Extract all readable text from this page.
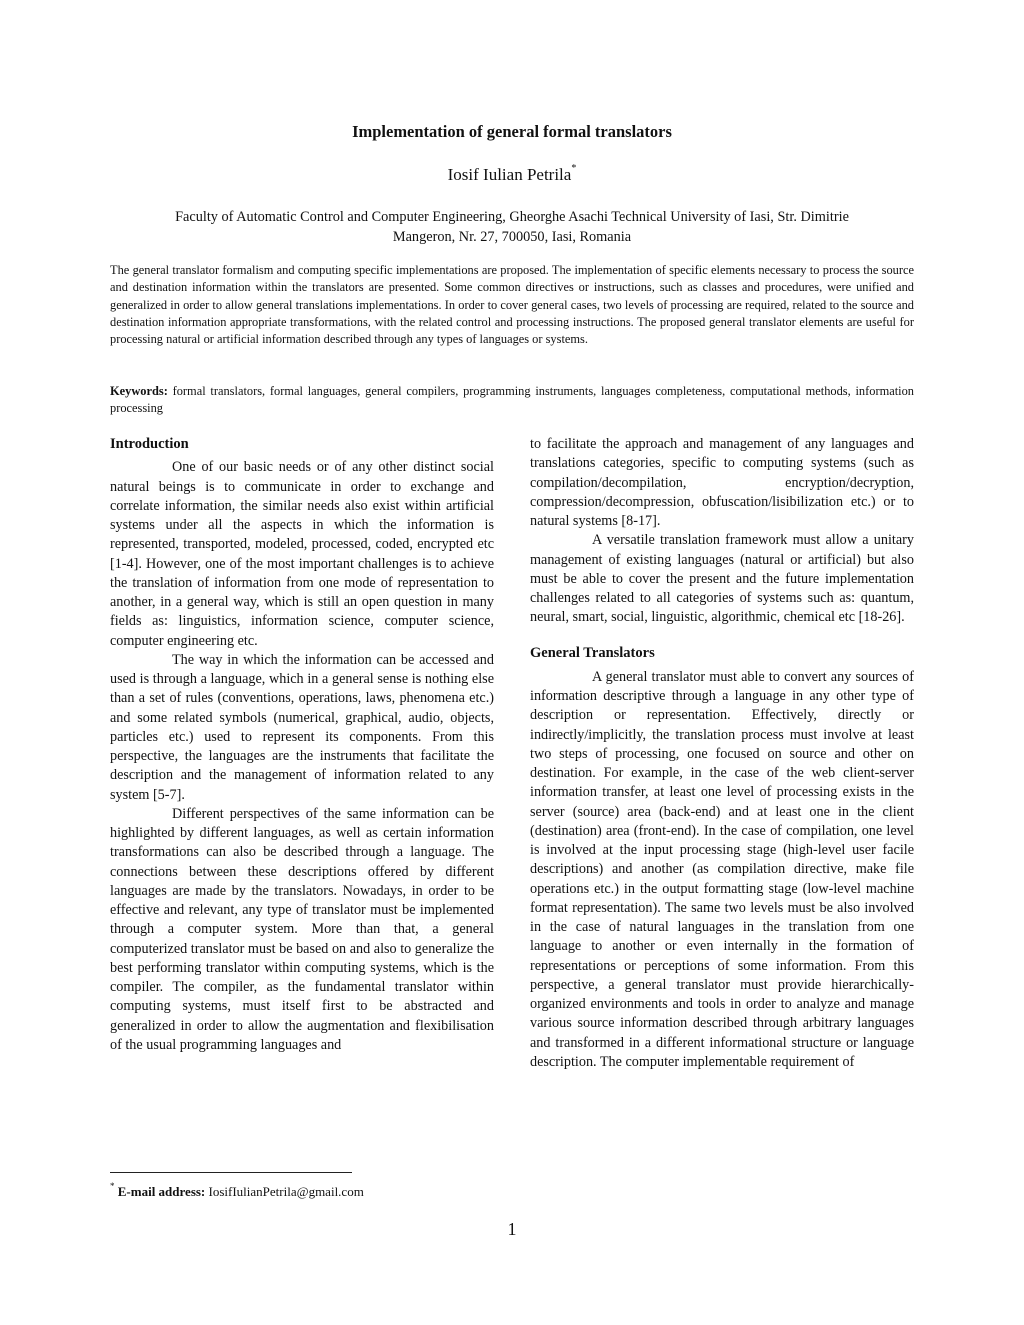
Implementation of general formal translators
Iosif Iulian Petrila*
Faculty of Automatic Control and Computer Engineering, Gheorghe Asachi Technical University of Iasi, Str. Dimitrie
Mangeron, Nr. 27, 700050, Iasi, Romania
The general translator formalism and computing specific implementations are proposed. The implementation of specific elements necessary to process the source and destination information within the translators are presented. Some common directives or instructions, such as classes and procedures, were unified and generalized in order to allow general translations implementations. In order to cover general cases, two levels of processing are required, related to the source and destination information appropriate transformations, with the related control and processing instructions. The proposed general translator elements are useful for processing natural or artificial information described through any types of languages or systems.
Keywords: formal translators, formal languages, general compilers, programming instruments, languages completeness, computational methods, information processing
Introduction

One of our basic needs or of any other distinct social natural beings is to communicate in order to exchange and correlate information, the similar needs also exist within artificial systems under all the aspects in which the information is represented, transported, modeled, processed, coded, encrypted etc [1-4]. However, one of the most important challenges is to achieve the translation of information from one mode of representation to another, in a general way, which is still an open question in many fields as: linguistics, information science, computer science, computer engineering etc.

The way in which the information can be accessed and used is through a language, which in a general sense is nothing else than a set of rules (conventions, operations, laws, phenomena etc.) and some related symbols (numerical, graphical, audio, objects, particles etc.) used to represent its components. From this perspective, the languages are the instruments that facilitate the description and the management of information related to any system [5-7].

Different perspectives of the same information can be highlighted by different languages, as well as certain information transformations can also be described through a language. The connections between these descriptions offered by different languages are made by the translators. Nowadays, in order to be effective and relevant, any type of translator must be implemented through a computer system. More than that, a general computerized translator must be based on and also to generalize the best performing translator within computing systems, which is the compiler. The compiler, as the fundamental translator within computing systems, must itself first to be abstracted and generalized in order to allow the augmentation and flexibilisation of the usual programming languages and

to facilitate the approach and management of any languages and translations categories, specific to computing systems (such as compilation/decompilation, encryption/decryption, compression/decompression, obfuscation/lisibilization etc.) or to natural systems [8-17].

A versatile translation framework must allow a unitary management of existing languages (natural or artificial) but also must be able to cover the present and the future implementation challenges related to all categories of systems such as: quantum, neural, smart, social, linguistic, algorithmic, chemical etc [18-26].

General Translators

A general translator must able to convert any sources of information descriptive through a language in any other type of description or representation. Effectively, directly or indirectly/implicitly, the translation process must involve at least two steps of processing, one focused on source and other on destination. For example, in the case of the web client-server information transfer, at least one level of processing exists in the server (source) area (back-end) and at least one in the client (destination) area (front-end). In the case of compilation, one level is involved at the input processing stage (high-level user facile descriptions) and another (as compilation directive, make file operations etc.) in the output formatting stage (low-level machine format representation). The same two levels must be also involved in the case of natural languages in the translation from one language to another or even internally in the formation of representations or perceptions of some information. From this perspective, a general translator must provide hierarchically-organized environments and tools in order to analyze and manage various source information described through arbitrary languages and transformed in a different informational structure or language description. The computer implementable requirement of

* E-mail address: IosifIulianPetrila@gmail.com
1
